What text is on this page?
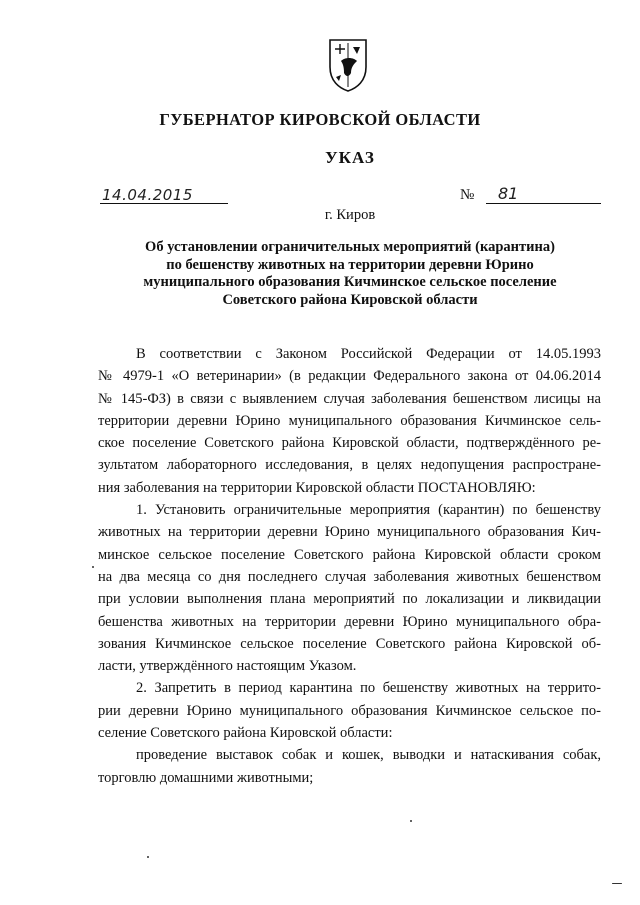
ГУБЕРНАТОР КИРОВСКОЙ ОБЛАСТИ
УКАЗ
14.04.2015	№ 81
г. Киров
Об установлении ограничительных мероприятий (карантина)
по бешенству животных на территории деревни Юрино
муниципального образования Кичминское сельское поселение
Советского района Кировской области

В соответствии с Законом Российской Федерации от 14.05.1993
№ 4979-1 «О ветеринарии» (в редакции Федерального закона от 04.06.2014
№ 145-ФЗ) в связи с выявлением случая заболевания бешенством лисицы на
территории деревни Юрино муниципального образования Кичминское сель-
ское поселение Советского района Кировской области, подтверждённого ре-
зультатом лабораторного исследования, в целях недопущения распростране-
ния заболевания на территории Кировской области ПОСТАНОВЛЯЮ:

1. Установить ограничительные мероприятия (карантин) по бешенству
животных на территории деревни Юрино муниципального образования Кич-
минское сельское поселение Советского района Кировской области сроком
на два месяца со дня последнего случая заболевания животных бешенством
при условии выполнения плана мероприятий по локализации и ликвидации
бешенства животных на территории деревни Юрино муниципального обра-
зования Кичминское сельское поселение Советского района Кировской об-
ласти, утверждённого настоящим Указом.

2. Запретить в период карантина по бешенству животных на террито-
рии деревни Юрино муниципального образования Кичминское сельское по-
селение Советского района Кировской области:

проведение выставок собак и кошек, выводки и натаскивания собак,
торговлю домашними животными;
